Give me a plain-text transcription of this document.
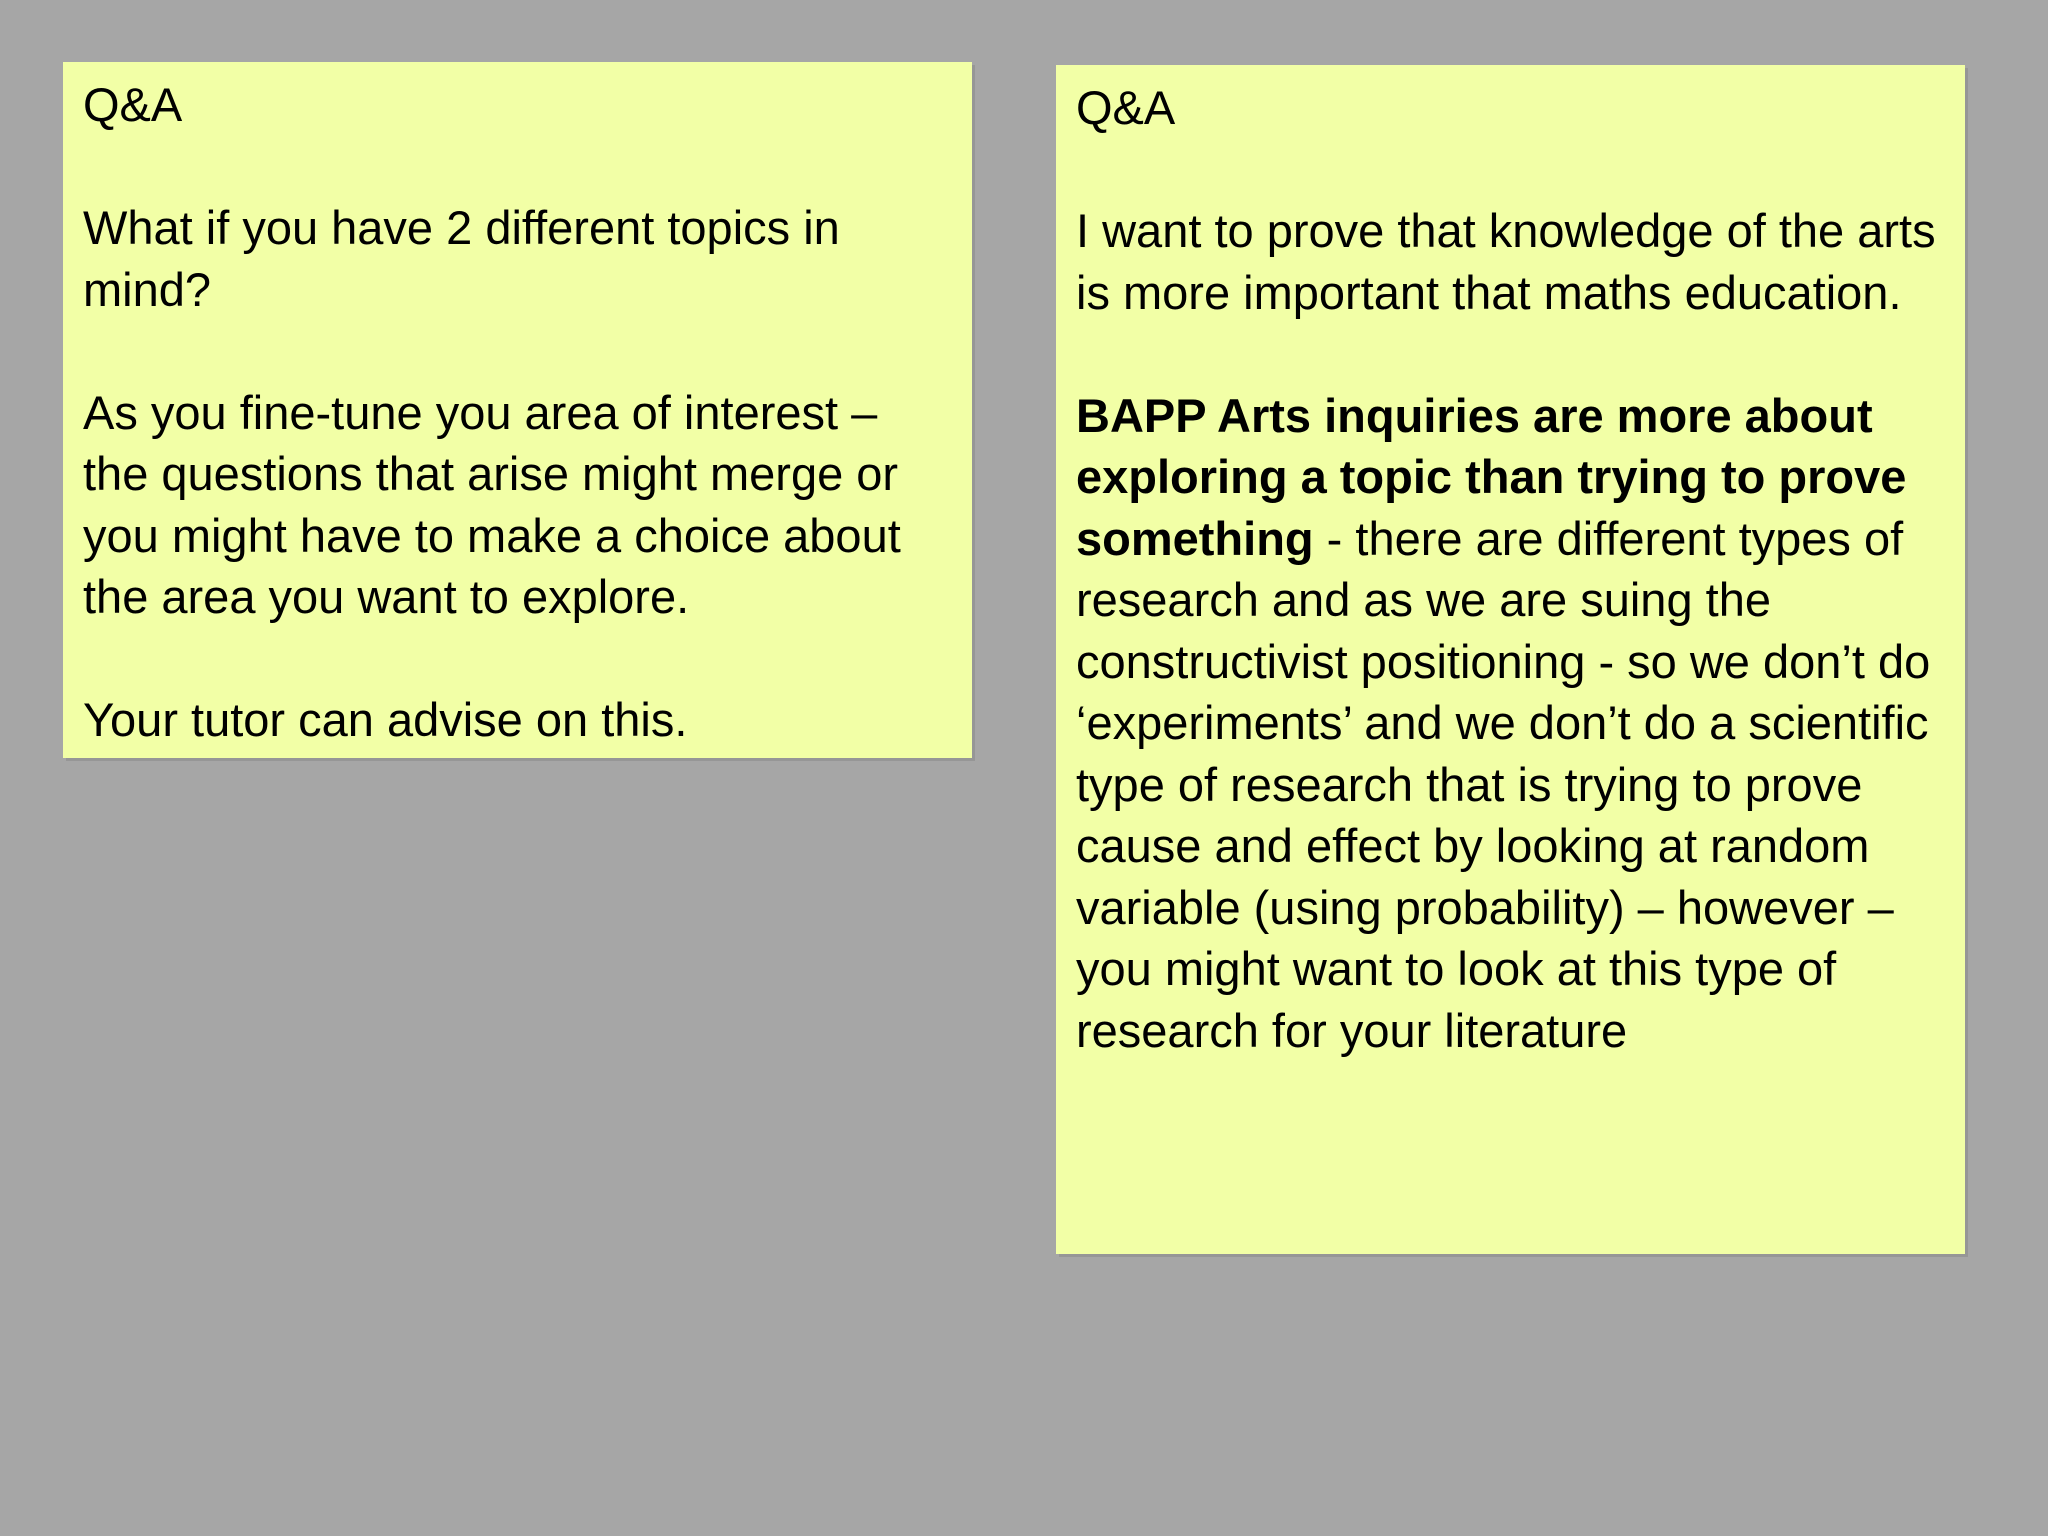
Q&A

What if you have 2 different topics in mind?

As you fine-tune you area of interest – the questions that arise might merge or you might have to make a choice about the area you want to explore.

Your tutor can advise on this.

Q&A

I want to prove that knowledge of the arts is more important that maths education.

BAPP Arts inquiries are more about exploring a topic than trying to prove something - there are different types of research and as we are suing the constructivist positioning - so we don’t do ‘experiments’ and we don’t do a scientific type of research that is trying to prove cause and effect by looking at random variable (using probability) – however – you might want to look at this type of research for your literature
